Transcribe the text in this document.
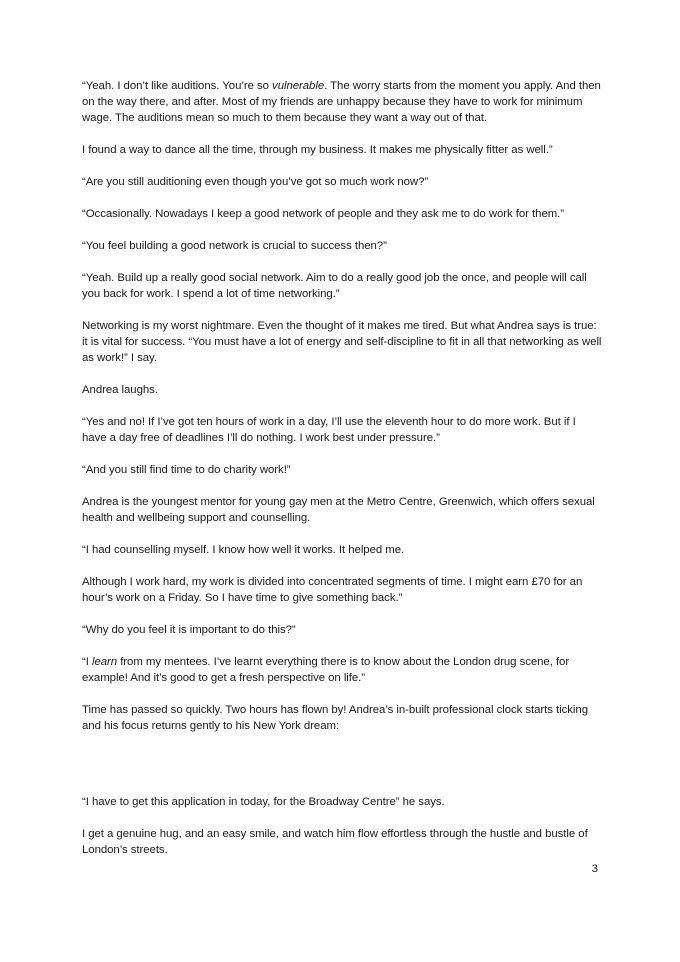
“Yeah. I don’t like auditions. You’re so vulnerable. The worry starts from the moment you apply. And then on the way there, and after. Most of my friends are unhappy because they have to work for minimum wage. The auditions mean so much to them because they want a way out of that.

I found a way to dance all the time, through my business. It makes me physically fitter as well.”

“Are you still auditioning even though you’ve got so much work now?”

“Occasionally. Nowadays I keep a good network of people and they ask me to do work for them.”

“You feel building a good network is crucial to success then?”

“Yeah. Build up a really good social network. Aim to do a really good job the once, and people will call you back for work. I spend a lot of time networking.”

Networking is my worst nightmare. Even the thought of it makes me tired. But what Andrea says is true: it is vital for success. “You must have a lot of energy and self-discipline to fit in all that networking as well as work!” I say.

Andrea laughs.

“Yes and no! If I’ve got ten hours of work in a day, I’ll use the eleventh hour to do more work. But if I have a day free of deadlines I’ll do nothing. I work best under pressure.”

“And you still find time to do charity work!”

Andrea is the youngest mentor for young gay men at the Metro Centre, Greenwich, which offers sexual health and wellbeing support and counselling.

“I had counselling myself. I know how well it works. It helped me.

Although I work hard, my work is divided into concentrated segments of time. I might earn £70 for an hour’s work on a Friday. So I have time to give something back.”

“Why do you feel it is important to do this?”

“I learn from my mentees. I’ve learnt everything there is to know about the London drug scene, for example! And it’s good to get a fresh perspective on life.”

Time has passed so quickly. Two hours has flown by! Andrea’s in-built professional clock starts ticking and his focus returns gently to his New York dream:

“I have to get this application in today, for the Broadway Centre” he says.

I get a genuine hug, and an easy smile, and watch him flow effortless through the hustle and bustle of London’s streets.

3
